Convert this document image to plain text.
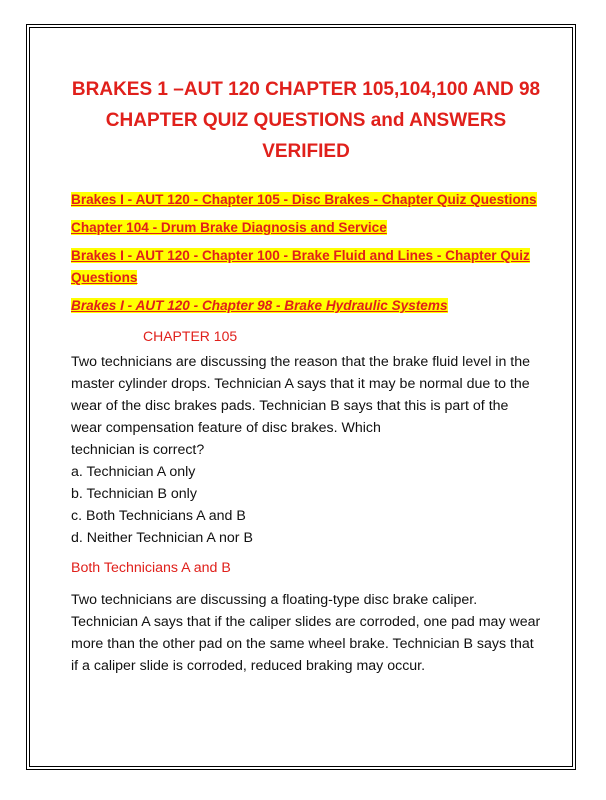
BRAKES 1 –AUT 120 CHAPTER 105,104,100 AND 98 CHAPTER QUIZ QUESTIONS and ANSWERS VERIFIED
Brakes I - AUT 120 - Chapter 105 - Disc Brakes - Chapter Quiz Questions
Chapter 104 - Drum Brake Diagnosis and Service
Brakes I - AUT 120 - Chapter 100 - Brake Fluid and Lines - Chapter Quiz Questions
Brakes I - AUT 120 - Chapter 98 - Brake Hydraulic Systems
CHAPTER 105

Two technicians are discussing the reason that the brake fluid level in the master cylinder drops. Technician A says that it may be normal due to the wear of the disc brakes pads. Technician B says that this is part of the wear compensation feature of disc brakes. Which

technician is correct?

a. Technician A only
b. Technician B only
c. Both Technicians A and B
d. Neither Technician A nor B
Both Technicians A and B

Two technicians are discussing a floating-type disc brake caliper. Technician A says that if the caliper slides are corroded, one pad may wear more than the other pad on the same wheel brake. Technician B says that if a caliper slide is corroded, reduced braking may occur.
